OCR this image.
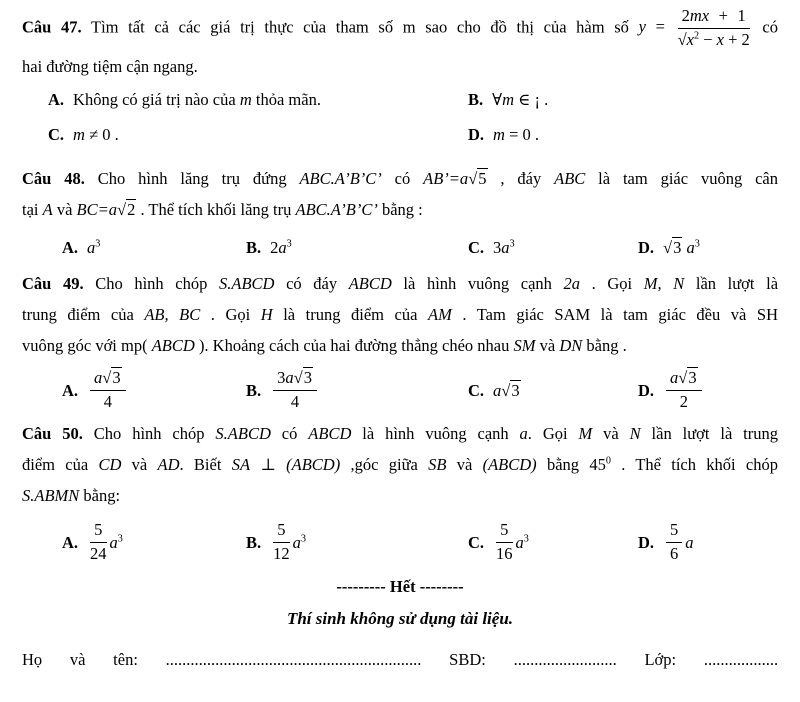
Câu 47. Tìm tất cả các giá trị thực của tham số m sao cho đồ thị của hàm số $y = \frac{2mx + 1}{√x^2 - x + 2}$ có
hai đường tiệm cận ngang.
A. Không có giá trị nào của m thỏa mãn.	B. ∀m ∈ ¡ .
C. m ≠ 0 .	D. m = 0 .
Câu 48. Cho hình lăng trụ đứng ABC.A’B’C’ có AB’=a√5 , đáy ABC là tam giác vuông cân
tại A và BC=a√2 . Thể tích khối lăng trụ ABC.A’B’C’ bằng :
A. $a^3$	B. $2a^3$	C. $3a^3$	D. √3 $a^3$
Câu 49. Cho hình chóp S.ABCD có đáy ABCD là hình vuông cạnh 2a . Gọi M, N lần lượt là
trung điểm của AB, BC . Gọi H là trung điểm của AM . Tam giác SAM là tam giác đều và SH
vuông góc với mp( ABCD ). Khoảng cách của hai đường thẳng chéo nhau SM và DN bằng .
A. $\frac{a√3}{4}$	B. $\frac{3a√3}{4}$	C. a√3	D. $\frac{a√3}{2}$
Câu 50. Cho hình chóp S.ABCD có ABCD là hình vuông cạnh a. Gọi M và N lần lượt là trung
điểm của CD và AD. Biết SA ⊥ (ABCD) ,góc giữa SB và (ABCD) bằng $45^0$ . Thể tích khối chóp
S.ABMN bằng:
A. $\frac{5}{24} a^3$	B. $\frac{5}{12} a^3$	C. $\frac{5}{16} a^3$	D. $\frac{5}{6}$ a
--------- Hết --------
Thí sinh không sử dụng tài liệu.
Họ và tên: .............................................................. SBD: ......................... Lớp: ..................
